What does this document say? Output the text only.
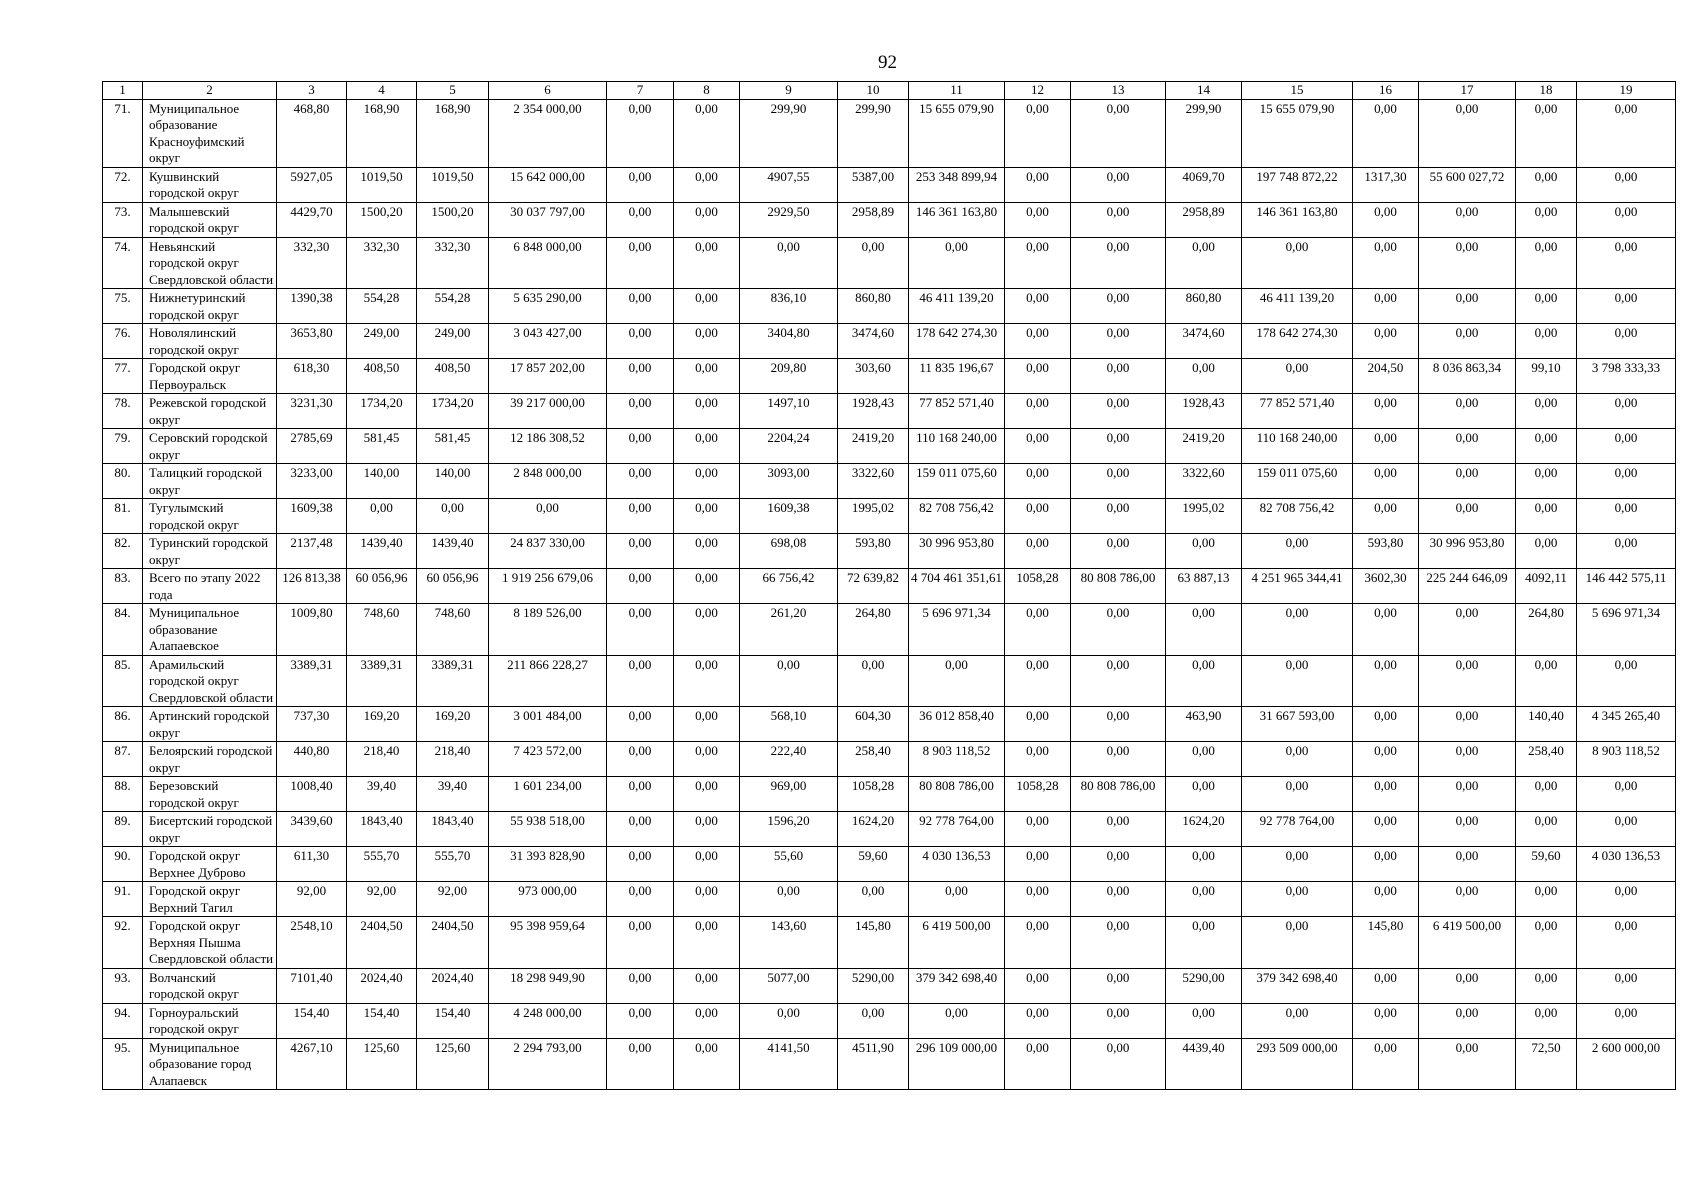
92
1	2	3	4	5	6	7	8	9	10	11	12	13	14	15	16	17	18	19
71.	Муниципальное образование Красноуфимский округ	468,80	168,90	168,90	2 354 000,00	0,00	0,00	299,90	299,90	15 655 079,90	0,00	0,00	299,90	15 655 079,90	0,00	0,00	0,00	0,00
72.	Кушвинский городской округ	5927,05	1019,50	1019,50	15 642 000,00	0,00	0,00	4907,55	5387,00	253 348 899,94	0,00	0,00	4069,70	197 748 872,22	1317,30	55 600 027,72	0,00	0,00
73.	Малышевский городской округ	4429,70	1500,20	1500,20	30 037 797,00	0,00	0,00	2929,50	2958,89	146 361 163,80	0,00	0,00	2958,89	146 361 163,80	0,00	0,00	0,00	0,00
74.	Невьянский городской округ Свердловской области	332,30	332,30	332,30	6 848 000,00	0,00	0,00	0,00	0,00	0,00	0,00	0,00	0,00	0,00	0,00	0,00	0,00	0,00
75.	Нижнетуринский городской округ	1390,38	554,28	554,28	5 635 290,00	0,00	0,00	836,10	860,80	46 411 139,20	0,00	0,00	860,80	46 411 139,20	0,00	0,00	0,00	0,00
76.	Новолялинский городской округ	3653,80	249,00	249,00	3 043 427,00	0,00	0,00	3404,80	3474,60	178 642 274,30	0,00	0,00	3474,60	178 642 274,30	0,00	0,00	0,00	0,00
77.	Городской округ Первоуральск	618,30	408,50	408,50	17 857 202,00	0,00	0,00	209,80	303,60	11 835 196,67	0,00	0,00	0,00	0,00	204,50	8 036 863,34	99,10	3 798 333,33
78.	Режевской городской округ	3231,30	1734,20	1734,20	39 217 000,00	0,00	0,00	1497,10	1928,43	77 852 571,40	0,00	0,00	1928,43	77 852 571,40	0,00	0,00	0,00	0,00
79.	Серовский городской округ	2785,69	581,45	581,45	12 186 308,52	0,00	0,00	2204,24	2419,20	110 168 240,00	0,00	0,00	2419,20	110 168 240,00	0,00	0,00	0,00	0,00
80.	Талицкий городской округ	3233,00	140,00	140,00	2 848 000,00	0,00	0,00	3093,00	3322,60	159 011 075,60	0,00	0,00	3322,60	159 011 075,60	0,00	0,00	0,00	0,00
81.	Тугулымский городской округ	1609,38	0,00	0,00	0,00	0,00	0,00	1609,38	1995,02	82 708 756,42	0,00	0,00	1995,02	82 708 756,42	0,00	0,00	0,00	0,00
82.	Туринский городской округ	2137,48	1439,40	1439,40	24 837 330,00	0,00	0,00	698,08	593,80	30 996 953,80	0,00	0,00	0,00	0,00	593,80	30 996 953,80	0,00	0,00
83.	Всего по этапу 2022 года	126 813,38	60 056,96	60 056,96	1 919 256 679,06	0,00	0,00	66 756,42	72 639,82	4 704 461 351,61	1058,28	80 808 786,00	63 887,13	4 251 965 344,41	3602,30	225 244 646,09	4092,11	146 442 575,11
84.	Муниципальное образование Алапаевское	1009,80	748,60	748,60	8 189 526,00	0,00	0,00	261,20	264,80	5 696 971,34	0,00	0,00	0,00	0,00	0,00	0,00	264,80	5 696 971,34
85.	Арамильский городской округ Свердловской области	3389,31	3389,31	3389,31	211 866 228,27	0,00	0,00	0,00	0,00	0,00	0,00	0,00	0,00	0,00	0,00	0,00	0,00	0,00
86.	Артинский городской округ	737,30	169,20	169,20	3 001 484,00	0,00	0,00	568,10	604,30	36 012 858,40	0,00	0,00	463,90	31 667 593,00	0,00	0,00	140,40	4 345 265,40
87.	Белоярский городской округ	440,80	218,40	218,40	7 423 572,00	0,00	0,00	222,40	258,40	8 903 118,52	0,00	0,00	0,00	0,00	0,00	0,00	258,40	8 903 118,52
88.	Березовский городской округ	1008,40	39,40	39,40	1 601 234,00	0,00	0,00	969,00	1058,28	80 808 786,00	1058,28	80 808 786,00	0,00	0,00	0,00	0,00	0,00	0,00
89.	Бисертский городской округ	3439,60	1843,40	1843,40	55 938 518,00	0,00	0,00	1596,20	1624,20	92 778 764,00	0,00	0,00	1624,20	92 778 764,00	0,00	0,00	0,00	0,00
90.	Городской округ Верхнее Дуброво	611,30	555,70	555,70	31 393 828,90	0,00	0,00	55,60	59,60	4 030 136,53	0,00	0,00	0,00	0,00	0,00	0,00	59,60	4 030 136,53
91.	Городской округ Верхний Тагил	92,00	92,00	92,00	973 000,00	0,00	0,00	0,00	0,00	0,00	0,00	0,00	0,00	0,00	0,00	0,00	0,00	0,00
92.	Городской округ Верхняя Пышма Свердловской области	2548,10	2404,50	2404,50	95 398 959,64	0,00	0,00	143,60	145,80	6 419 500,00	0,00	0,00	0,00	0,00	145,80	6 419 500,00	0,00	0,00
93.	Волчанский городской округ	7101,40	2024,40	2024,40	18 298 949,90	0,00	0,00	5077,00	5290,00	379 342 698,40	0,00	0,00	5290,00	379 342 698,40	0,00	0,00	0,00	0,00
94.	Горноуральский городской округ	154,40	154,40	154,40	4 248 000,00	0,00	0,00	0,00	0,00	0,00	0,00	0,00	0,00	0,00	0,00	0,00	0,00	0,00
95.	Муниципальное образование город Алапаевск	4267,10	125,60	125,60	2 294 793,00	0,00	0,00	4141,50	4511,90	296 109 000,00	0,00	0,00	4439,40	293 509 000,00	0,00	0,00	72,50	2 600 000,00
